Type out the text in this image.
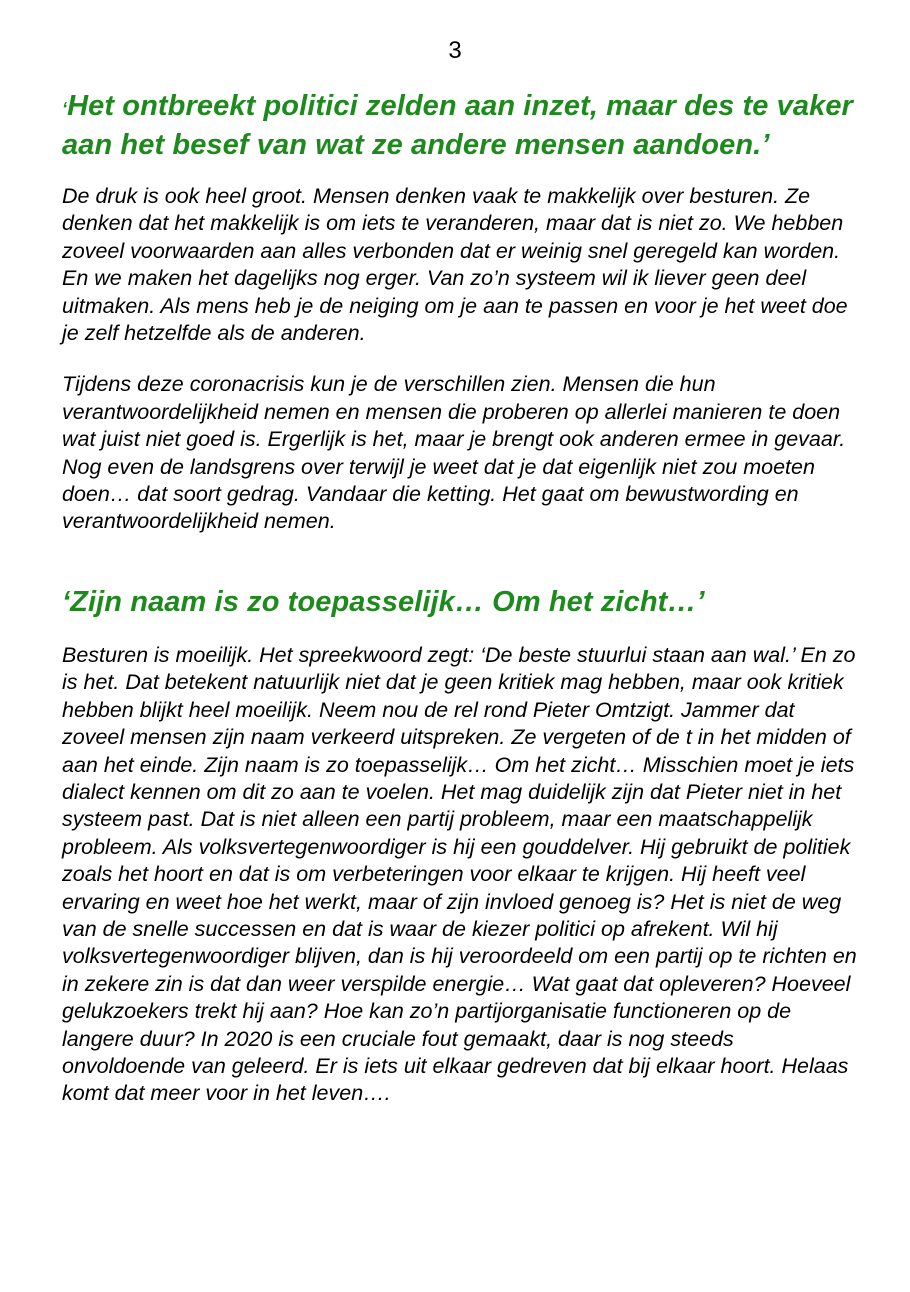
3
‘Het ontbreekt politici zelden aan inzet, maar des te vaker aan het besef van wat ze andere mensen aandoen.’

De druk is ook heel groot. Mensen denken vaak te makkelijk over besturen. Ze denken dat het makkelijk is om iets te veranderen, maar dat is niet zo. We hebben zoveel voorwaarden aan alles verbonden dat er weinig snel geregeld kan worden. En we maken het dagelijks nog erger. Van zo’n systeem wil ik liever geen deel uitmaken. Als mens heb je de neiging om je aan te passen en voor je het weet doe je zelf hetzelfde als de anderen.

Tijdens deze coronacrisis kun je de verschillen zien. Mensen die hun verantwoordelijkheid nemen en mensen die proberen op allerlei manieren te doen wat juist niet goed is. Ergerlijk is het, maar je brengt ook anderen ermee in gevaar. Nog even de landsgrens over terwijl je weet dat je dat eigenlijk niet zou moeten doen… dat soort gedrag. Vandaar die ketting. Het gaat om bewustwording en verantwoordelijkheid nemen.

‘Zijn naam is zo toepasselijk… Om het zicht…’

Besturen is moeilijk. Het spreekwoord zegt: ‘De beste stuurlui staan aan wal.’ En zo is het. Dat betekent natuurlijk niet dat je geen kritiek mag hebben, maar ook kritiek hebben blijkt heel moeilijk. Neem nou de rel rond Pieter Omtzigt. Jammer dat zoveel mensen zijn naam verkeerd uitspreken. Ze vergeten of de t in het midden of aan het einde. Zijn naam is zo toepasselijk… Om het zicht… Misschien moet je iets dialect kennen om dit zo aan te voelen. Het mag duidelijk zijn dat Pieter niet in het systeem past. Dat is niet alleen een partij probleem, maar een maatschappelijk probleem. Als volksvertegenwoordiger is hij een gouddelver. Hij gebruikt de politiek zoals het hoort en dat is om verbeteringen voor elkaar te krijgen. Hij heeft veel ervaring en weet hoe het werkt, maar of zijn invloed genoeg is? Het is niet de weg van de snelle successen en dat is waar de kiezer politici op afrekent. Wil hij volksvertegenwoordiger blijven, dan is hij veroordeeld om een partij op te richten en in zekere zin is dat dan weer verspilde energie… Wat gaat dat opleveren? Hoeveel gelukzoekers trekt hij aan? Hoe kan zo’n partijorganisatie functioneren op de langere duur? In 2020 is een cruciale fout gemaakt, daar is nog steeds onvoldoende van geleerd. Er is iets uit elkaar gedreven dat bij elkaar hoort. Helaas komt dat meer voor in het leven….
